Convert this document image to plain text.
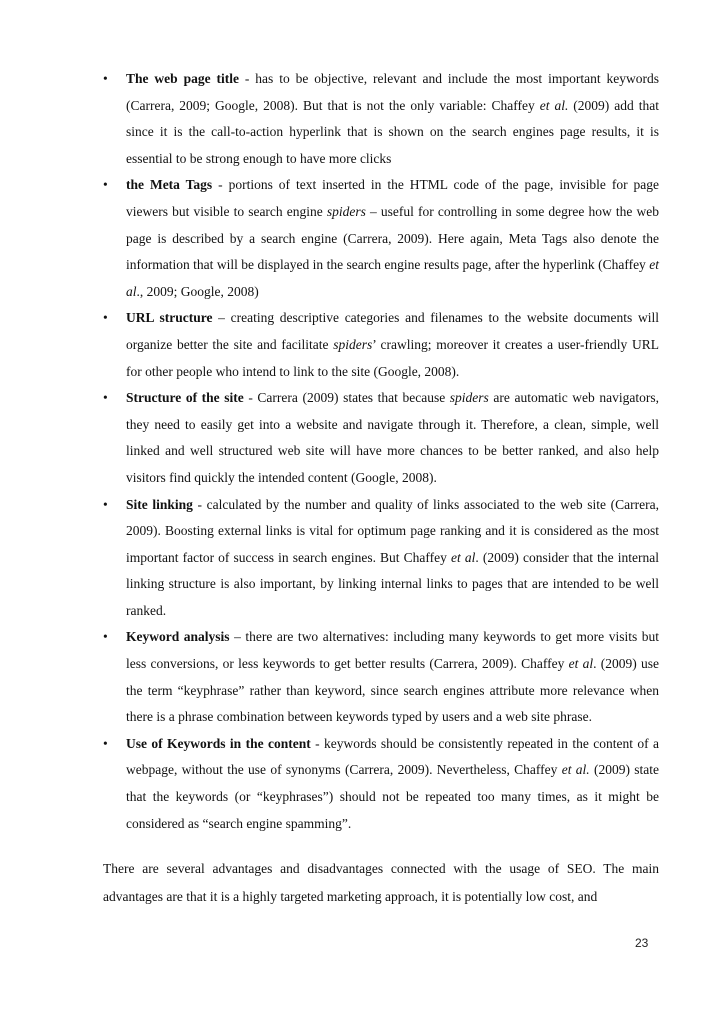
• The web page title - has to be objective, relevant and include the most important keywords (Carrera, 2009; Google, 2008). But that is not the only variable: Chaffey et al. (2009) add that since it is the call-to-action hyperlink that is shown on the search engines page results, it is essential to be strong enough to have more clicks
• the Meta Tags - portions of text inserted in the HTML code of the page, invisible for page viewers but visible to search engine spiders – useful for controlling in some degree how the web page is described by a search engine (Carrera, 2009). Here again, Meta Tags also denote the information that will be displayed in the search engine results page, after the hyperlink (Chaffey et al., 2009; Google, 2008)
• URL structure – creating descriptive categories and filenames to the website documents will organize better the site and facilitate spiders’ crawling; moreover it creates a user-friendly URL for other people who intend to link to the site (Google, 2008).
• Structure of the site - Carrera (2009) states that because spiders are automatic web navigators, they need to easily get into a website and navigate through it. Therefore, a clean, simple, well linked and well structured web site will have more chances to be better ranked, and also help visitors find quickly the intended content (Google, 2008).
• Site linking - calculated by the number and quality of links associated to the web site (Carrera, 2009). Boosting external links is vital for optimum page ranking and it is considered as the most important factor of success in search engines. But Chaffey et al. (2009) consider that the internal linking structure is also important, by linking internal links to pages that are intended to be well ranked.
• Keyword analysis – there are two alternatives: including many keywords to get more visits but less conversions, or less keywords to get better results (Carrera, 2009). Chaffey et al. (2009) use the term “keyphrase” rather than keyword, since search engines attribute more relevance when there is a phrase combination between keywords typed by users and a web site phrase.
• Use of Keywords in the content - keywords should be consistently repeated in the content of a webpage, without the use of synonyms (Carrera, 2009). Nevertheless, Chaffey et al. (2009) state that the keywords (or “keyphrases”) should not be repeated too many times, as it might be considered as “search engine spamming”.

There are several advantages and disadvantages connected with the usage of SEO. The main advantages are that it is a highly targeted marketing approach, it is potentially low cost, and

23
